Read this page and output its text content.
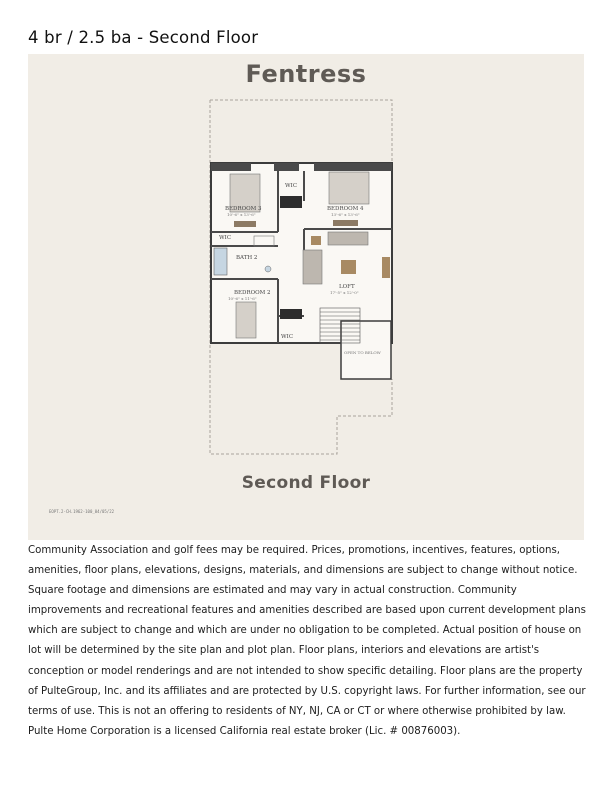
4 br / 2.5 ba - Second Floor
Fentress
BEDROOM 3
10'-6" x 13'-6"
BEDROOM 4
13'-6" x 13'-6"
BEDROOM 2
10'-6" x 11'-6"
BATH 2
LOFT
17'-5" x 12'-0"
WIC
WIC
WIC
OPEN TO BELOW
Second Floor
EOPT.2-CH.1962-100_04/05/22
Community Association and golf fees may be required. Prices, promotions, incentives, features, options, amenities, floor plans, elevations, designs, materials, and dimensions are subject to change without notice. Square footage and dimensions are estimated and may vary in actual construction. Community improvements and recreational features and amenities described are based upon current development plans which are subject to change and which are under no obligation to be completed. Actual position of house on lot will be determined by the site plan and plot plan. Floor plans, interiors and elevations are artist's conception or model renderings and are not intended to show specific detailing. Floor plans are the property of PulteGroup, Inc. and its affiliates and are protected by U.S. copyright laws. For further information, see our terms of use. This is not an offering to residents of NY, NJ, CA or CT or where otherwise prohibited by law. Pulte Home Corporation is a licensed California real estate broker (Lic. # 00876003).
